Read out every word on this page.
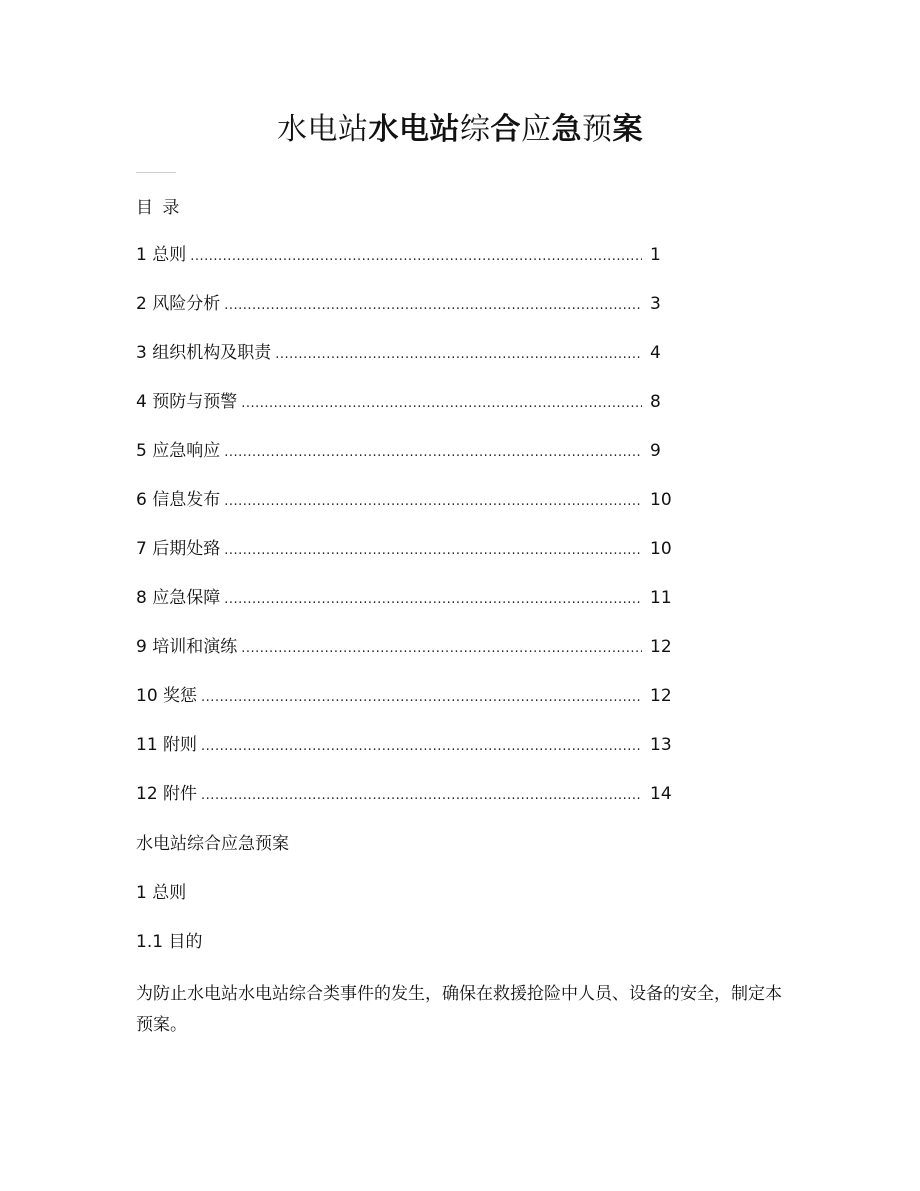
水电站水电站综合应急预案
目 录
1 总则 .....	1
2 风险分析 .....	3
3 组织机构及职责 .....	4
4 预防与预警 .....	8
5 应急响应 .....	9
6 信息发布 .....	10
7 后期处臵 .....	10
8 应急保障 .....	11
9 培训和演练 .....	12
10 奖惩 .....	12
11 附则 .....	13
12 附件 .....	14
水电站综合应急预案
1 总则
1.1 目的

为防止水电站水电站综合类事件的发生，确保在救援抢险中人员、设备的安全，制定本预案。
